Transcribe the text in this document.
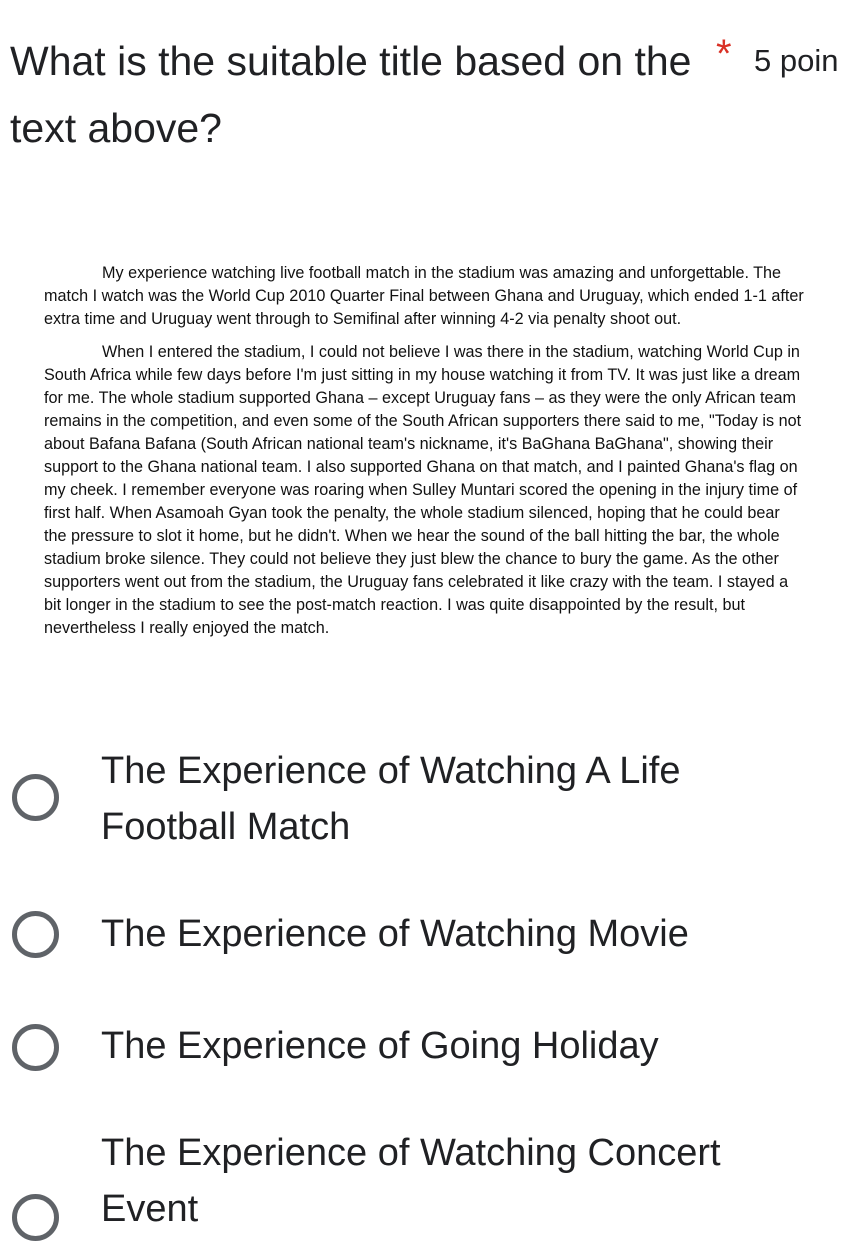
What is the suitable title based on the text above?
* 5 poin

My experience watching live football match in the stadium was amazing and unforgettable. The match I watch was the World Cup 2010 Quarter Final between Ghana and Uruguay, which ended 1-1 after extra time and Uruguay went through to Semifinal after winning 4-2 via penalty shoot out.

When I entered the stadium, I could not believe I was there in the stadium, watching World Cup in South Africa while few days before I'm just sitting in my house watching it from TV. It was just like a dream for me. The whole stadium supported Ghana – except Uruguay fans – as they were the only African team remains in the competition, and even some of the South African supporters there said to me, "Today is not about Bafana Bafana (South African national team's nickname, it's BaGhana BaGhana", showing their support to the Ghana national team. I also supported Ghana on that match, and I painted Ghana's flag on my cheek. I remember everyone was roaring when Sulley Muntari scored the opening in the injury time of first half. When Asamoah Gyan took the penalty, the whole stadium silenced, hoping that he could bear the pressure to slot it home, but he didn't. When we hear the sound of the ball hitting the bar, the whole stadium broke silence. They could not believe they just blew the chance to bury the game. As the other supporters went out from the stadium, the Uruguay fans celebrated it like crazy with the team. I stayed a bit longer in the stadium to see the post-match reaction. I was quite disappointed by the result, but nevertheless I really enjoyed the match.

The Experience of Watching A Life Football Match
The Experience of Watching Movie
The Experience of Going Holiday
The Experience of Watching Concert Event
